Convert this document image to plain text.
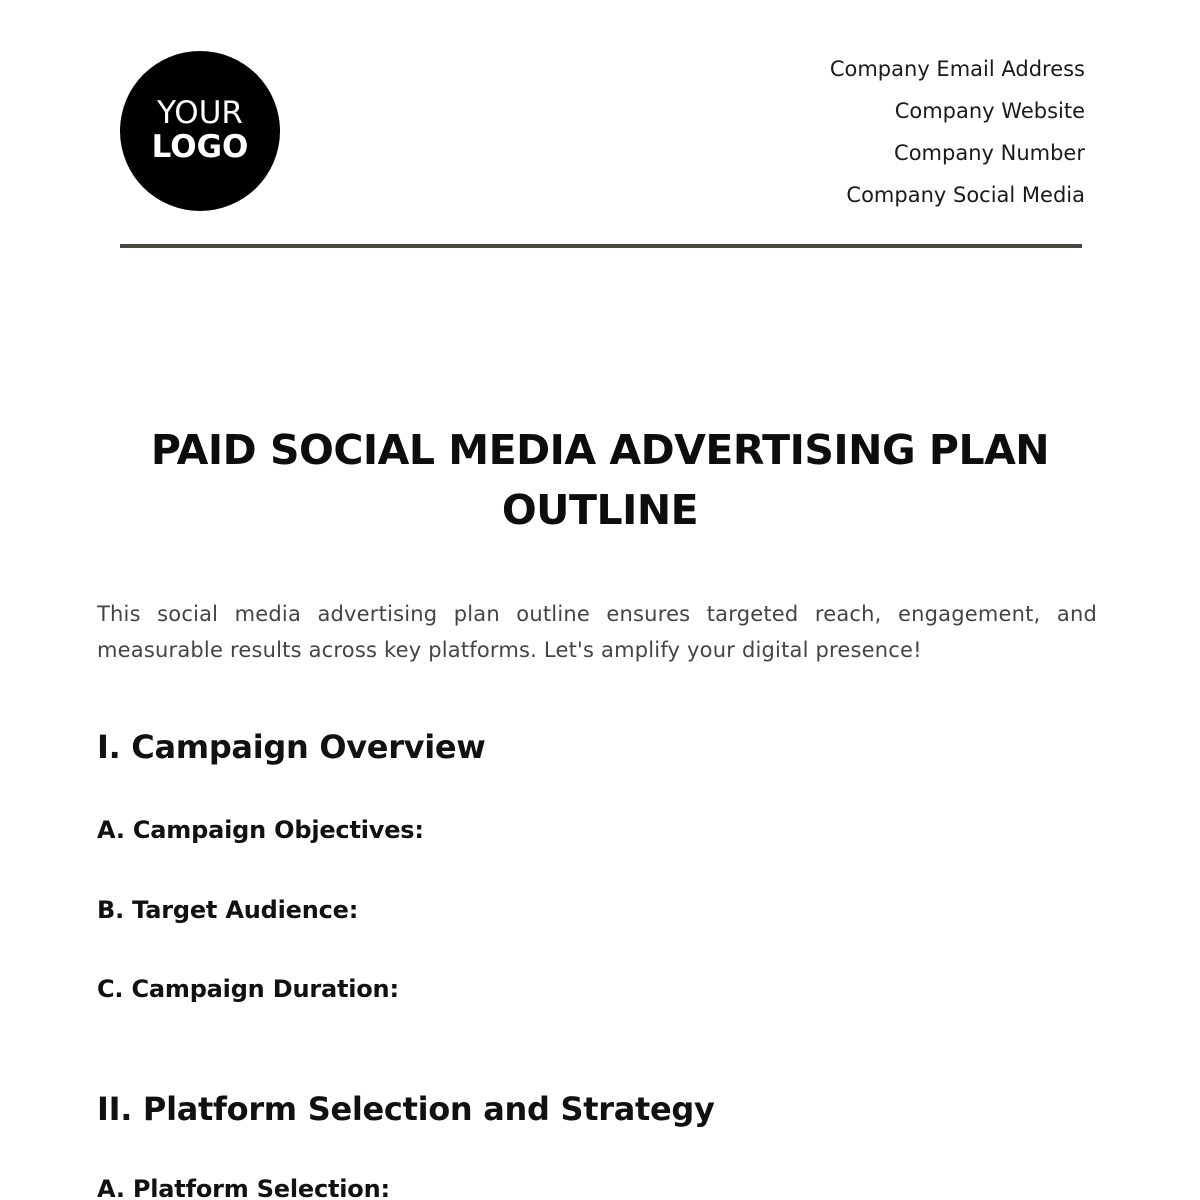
YOUR
LOGO
Company Email Address
Company Website
Company Number
Company Social Media
PAID SOCIAL MEDIA ADVERTISING PLAN OUTLINE

This social media advertising plan outline ensures targeted reach, engagement, and measurable results across key platforms. Let's amplify your digital presence!

I. Campaign Overview
A. Campaign Objectives:
B. Target Audience:
C. Campaign Duration:
II. Platform Selection and Strategy
A. Platform Selection:
